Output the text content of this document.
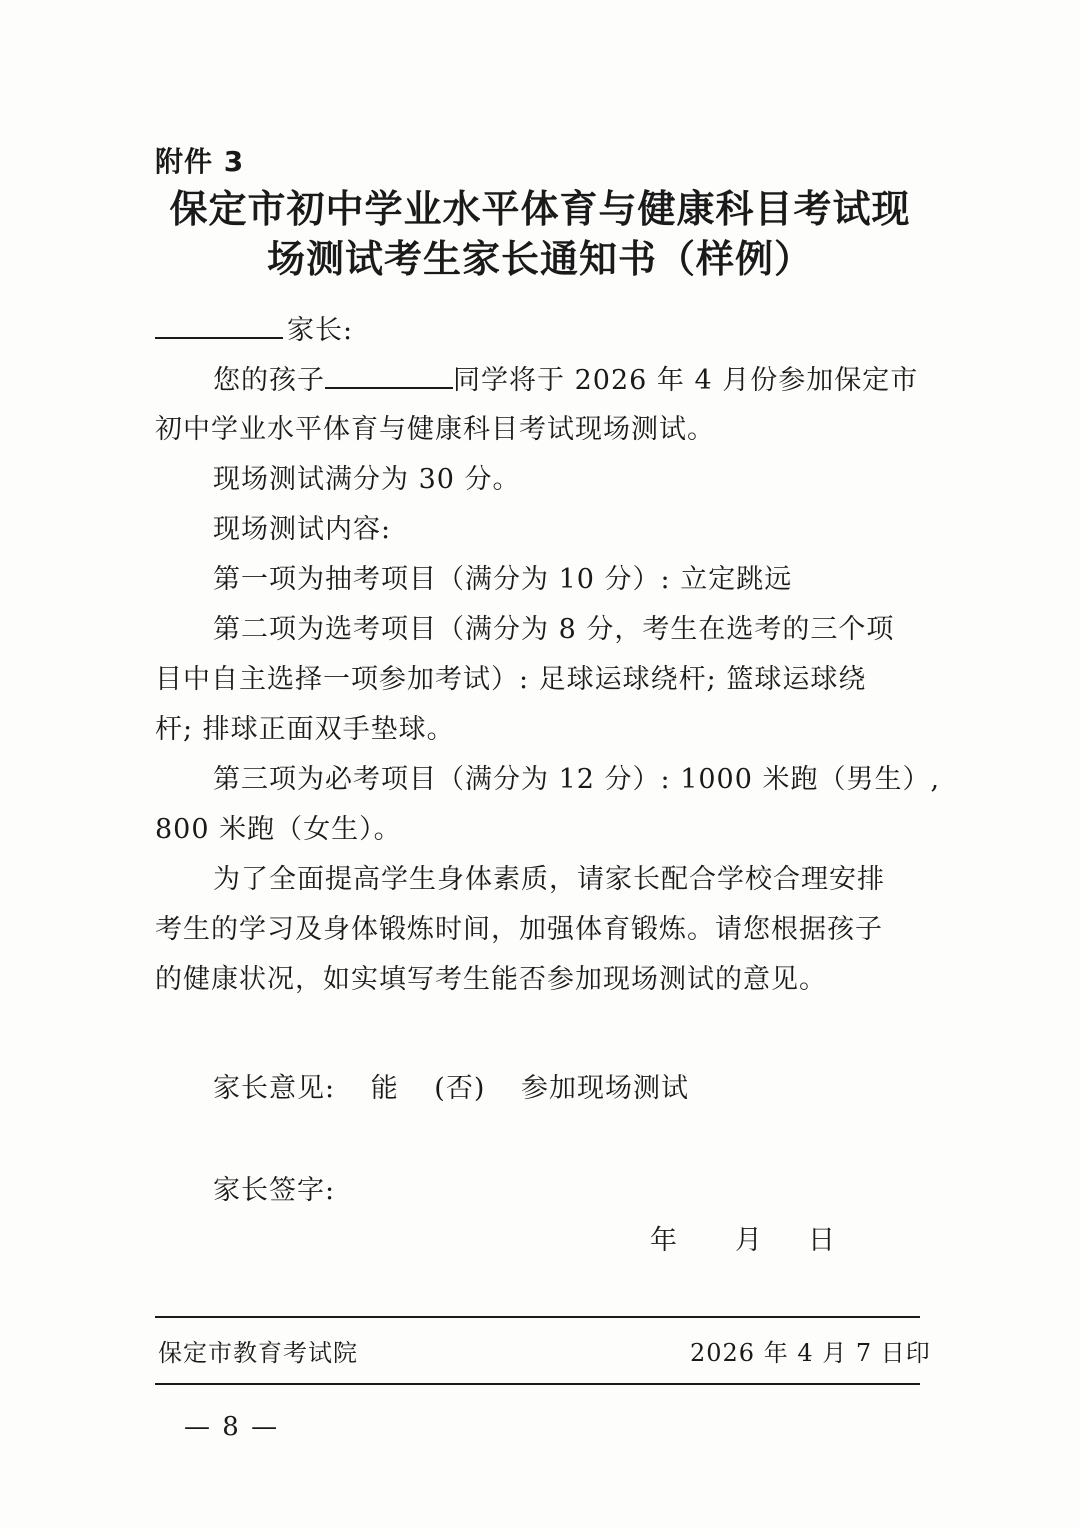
附件 3
保定市初中学业水平体育与健康科目考试现
场测试考生家长通知书（样例）
家长:
您的孩子	同学将于 2026 年 4 月份参加保定市
初中学业水平体育与健康科目考试现场测试。
现场测试满分为 30 分。
现场测试内容:
第一项为抽考项目（满分为 10 分）: 立定跳远
第二项为选考项目（满分为 8 分，考生在选考的三个项
目中自主选择一项参加考试）: 足球运球绕杆; 篮球运球绕
杆; 排球正面双手垫球。
第三项为必考项目（满分为 12 分）: 1000 米跑（男生）,
800 米跑（女生）。
为了全面提高学生身体素质，请家长配合学校合理安排
考生的学习及身体锻炼时间，加强体育锻炼。请您根据孩子
的健康状况，如实填写考生能否参加现场测试的意见。
家长意见: 能 (否) 参加现场测试
家长签字:
年 月 日
保定市教育考试院	2026 年 4 月 7 日印
— 8 —
